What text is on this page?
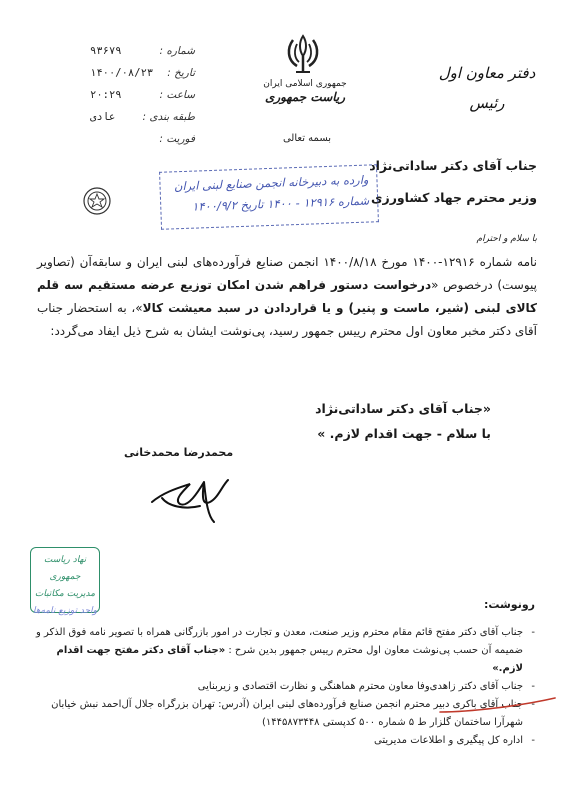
شماره :
۹۳۶۷۹
تاریخ :
۱۴۰۰/۰۸/۲۳
ساعت :
۲۰:۲۹
طبقه بندی :
عادی
فوریت :
جمهوری اسلامی ایران
ریاست جمهوری
دفتر معاون اول
رئیس
بسمه تعالی
جناب آقای دکتر ساداتی‌نژاد
وزیر محترم جهاد کشاورزی
وارده به دبیرخانه انجمن صنایع لبنی ایران
شماره ۱۲۹۱۶ - ۱۴۰۰ تاریخ ۱۴۰۰/۹/۲
با سلام و احترام
نامه شماره ۱۲۹۱۶-۱۴۰۰ مورخ ۱۴۰۰/۸/۱۸ انجمن صنایع فرآورده‌های لبنی ایران و سابقه‌آن (تصاویر پیوست) درخصوص «درخواست دستور فراهم شدن امکان توزیع عرضه مستقیم سه قلم کالای لبنی (شیر، ماست و پنیر) و یا قراردادن در سبد معیشت کالا»، به استحضار جناب آقای دکتر مخبر معاون اول محترم رییس جمهور رسید، پی‌نوشت ایشان به شرح ذیل ایفاد می‌گردد:
«جناب آقای دکتر ساداتی‌نژاد
با سلام - جهت اقدام لازم. »
محمدرضا محمدخانی
نهاد ریاست جمهوری
مدیریت مکاتبات
واحد توزیع نامه‌ها	رونوشت:
-
جناب آقای دکتر مفتح قائم مقام محترم وزیر صنعت، معدن و تجارت در امور بازرگانی همراه با تصویر نامه فوق الذکر و ضمیمه آن حسب پی‌نوشت معاون اول محترم رییس جمهور بدین شرح : «جناب آقای دکتر مفتح جهت اقدام لازم.»
-
جناب آقای دکتر زاهدی‌وفا معاون محترم هماهنگی و نظارت اقتصادی و زیربنایی
-
جناب آقای باکری دبیر محترم انجمن صنایع فرآورده‌های لبنی ایران (آدرس: تهران بزرگراه جلال آل‌احمد نبش خیابان شهرآرا ساختمان گلزار ط ۵ شماره ۵۰۰ کدپستی ۱۴۴۵۸۷۳۴۴۸)
-
اداره کل پیگیری و اطلاعات مدیریتی
